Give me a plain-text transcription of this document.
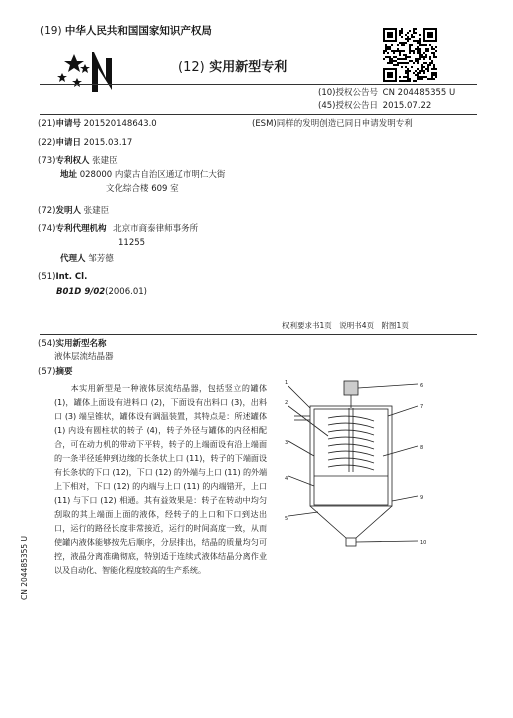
(19) 中华人民共和国国家知识产权局
(12) 实用新型专利
(10)授权公告号 CN 204485355 U
(45)授权公告日 2015.07.22
(21)申请号 201520148643.0	(ESM)同样的发明创造已同日申请发明专利
(22)申请日 2015.03.17
(73)专利权人 张建臣
地址 028000 内蒙古自治区通辽市明仁大街
文化综合楼 609 室
(72)发明人 张建臣
(74)专利代理机构 北京市商泰律师事务所
11255
代理人 邹芳德
(51)Int. Cl.
B01D 9/02(2006.01)
权利要求书1页　说明书4页　附图1页
(54)实用新型名称
液体层流结晶器
(57)摘要
本实用新型是一种液体层流结晶器，包括竖立的罐体 (1)，罐体上面设有进料口 (2)，下面设有出料口 (3)，出料口 (3) 端呈锥状，罐体设有调温装置，其特点是：所述罐体 (1) 内设有圆柱状的转子 (4)，转子外径与罐体的内径相配合，可在动力机的带动下平转，转子的上端面设有沿上端面的一条半径延伸到边缘的长条状上口 (11)，转子的下端面设有长条状的下口 (12)，下口 (12) 的外端与上口 (11) 的外端上下相对，下口 (12) 的内端与上口 (11) 的内端错开，上口 (11) 与下口 (12) 相通。其有益效果是：转子在转动中均匀刮取的其上端面上面的液体，经转子的上口和下口到达出口，运行的路径长度非常接近，运行的时间高度一致，从而使罐内液体能够按先后顺序，分层排出，结晶的质量均匀可控，液晶分离准确彻底，特别适于连续式液体结晶分离作业以及自动化、智能化程度较高的生产系统。
CN 204485355 U
1
2
3
4
5
6
7
8
9
10
